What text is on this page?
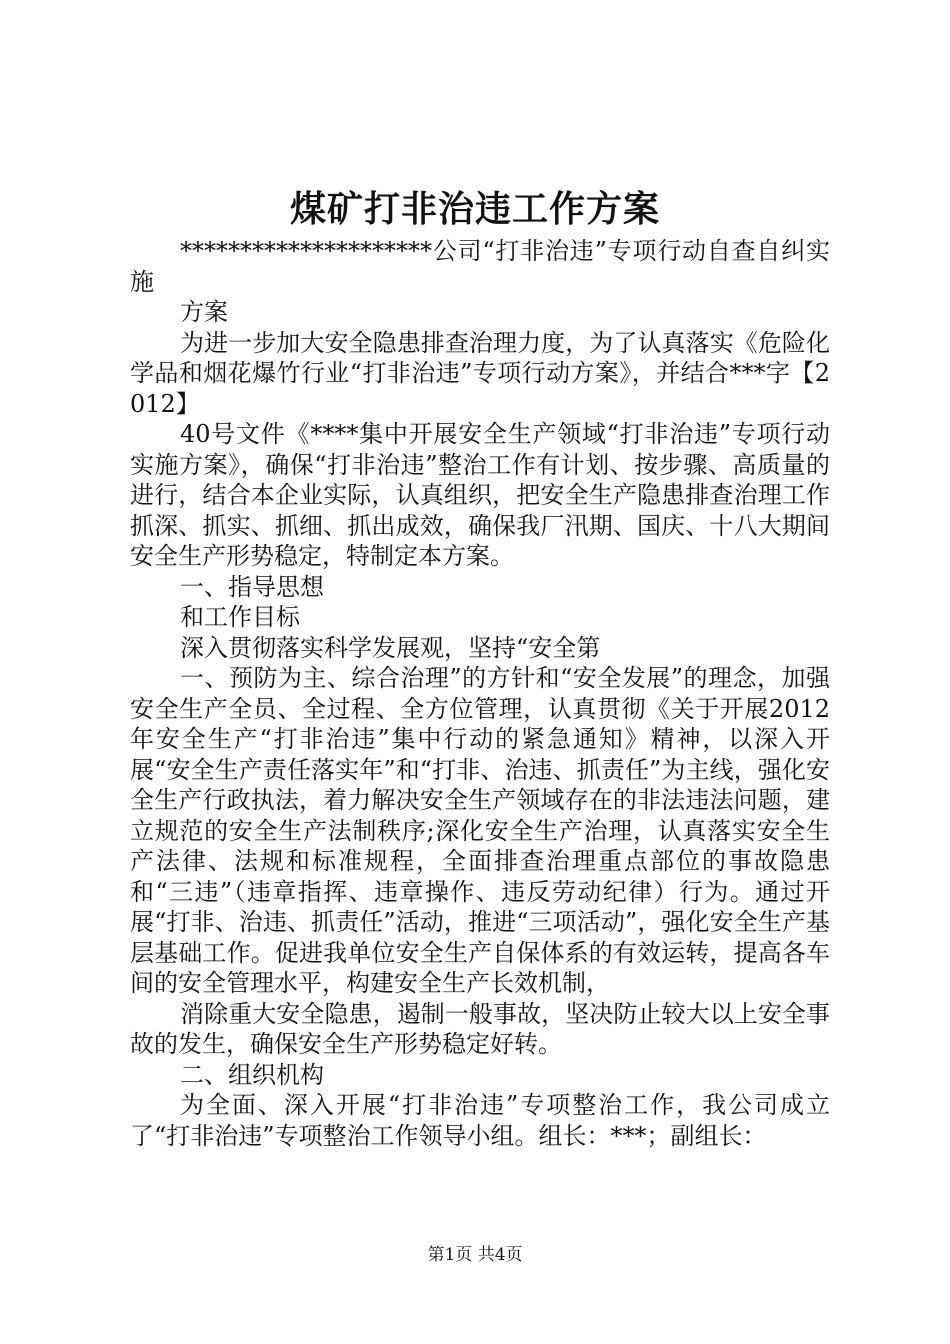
煤矿打非治违工作方案

*********************公司“打非治违”专项行动自查自纠实施

方案

为进一步加大安全隐患排查治理力度，为了认真落实《危险化学品和烟花爆竹行业“打非治违”专项行动方案》，并结合***字【2012】

40号文件《****集中开展安全生产领域“打非治违”专项行动实施方案》，确保“打非治违”整治工作有计划、按步骤、高质量的进行，结合本企业实际，认真组织，把安全生产隐患排查治理工作抓深、抓实、抓细、抓出成效，确保我厂汛期、国庆、十八大期间安全生产形势稳定，特制定本方案。

一、指导思想

和工作目标

深入贯彻落实科学发展观，坚持“安全第

一、预防为主、综合治理”的方针和“安全发展”的理念，加强安全生产全员、全过程、全方位管理，认真贯彻《关于开展2012年安全生产“打非治违”集中行动的紧急通知》精神，以深入开展“安全生产责任落实年”和“打非、治违、抓责任”为主线，强化安全生产行政执法，着力解决安全生产领域存在的非法违法问题，建立规范的安全生产法制秩序;深化安全生产治理，认真落实安全生产法律、法规和标准规程，全面排查治理重点部位的事故隐患和“三违”（违章指挥、违章操作、违反劳动纪律）行为。通过开展“打非、治违、抓责任”活动，推进“三项活动”，强化安全生产基层基础工作。促进我单位安全生产自保体系的有效运转，提高各车间的安全管理水平，构建安全生产长效机制，

消除重大安全隐患，遏制一般事故，坚决防止较大以上安全事故的发生，确保安全生产形势稳定好转。

二、组织机构

为全面、深入开展“打非治违”专项整治工作，我公司成立了“打非治违”专项整治工作领导小组。组长：***；副组长：

第1页 共4页
